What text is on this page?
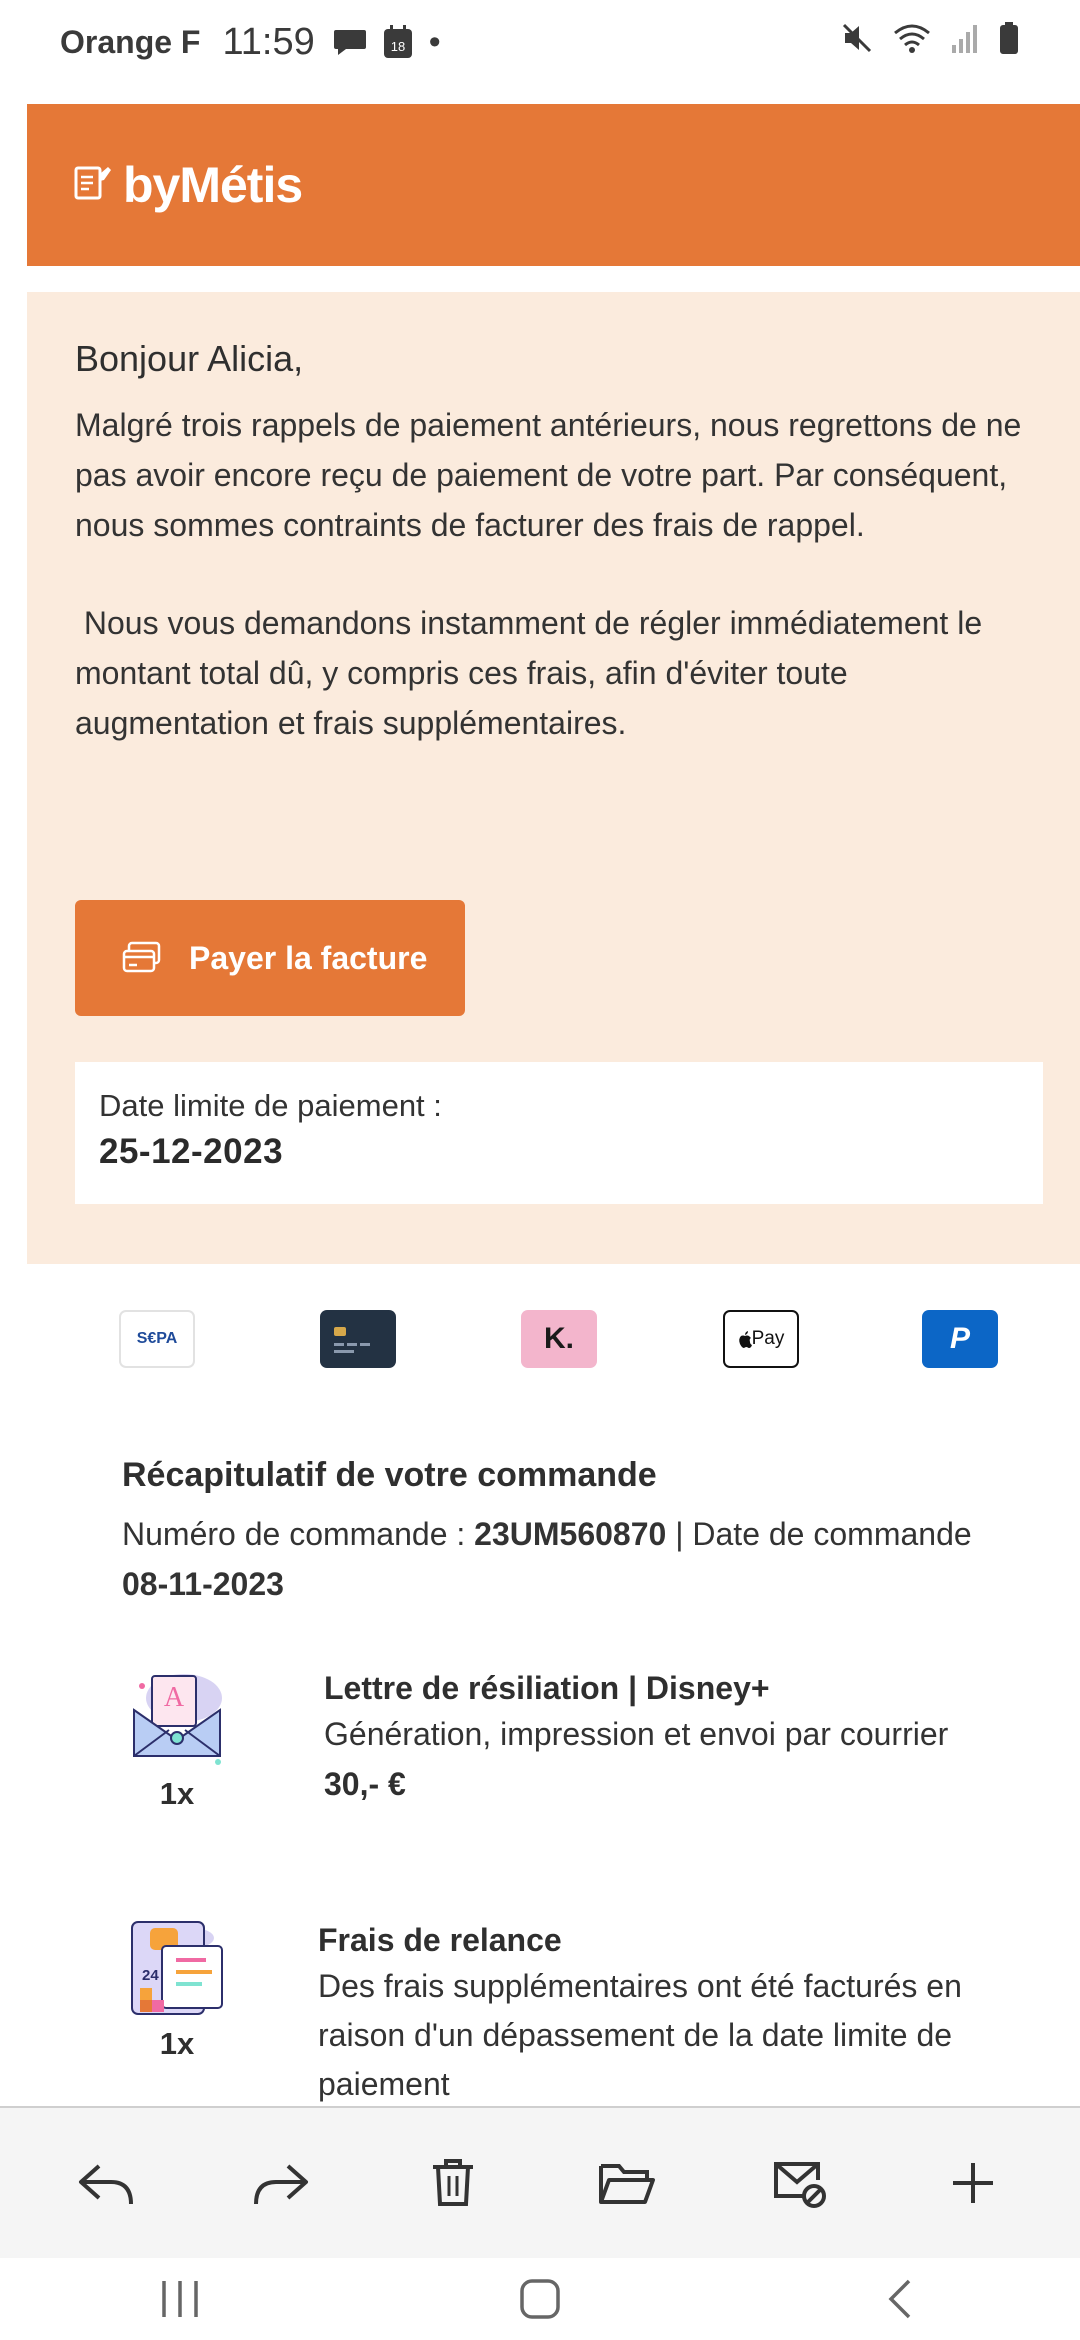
Orange F 11:59	18 •
byMétis
Bonjour Alicia,

Malgré trois rappels de paiement antérieurs, nous regrettons de ne pas avoir encore reçu de paiement de votre part. Par conséquent, nous sommes contraints de facturer des frais de rappel.

Nous vous demandons instamment de régler immédiatement le montant total dû, y compris ces frais, afin d'éviter toute augmentation et frais supplémentaires.

Payer la facture
Date limite de paiement :
25-12-2023
S€PA	K.	Pay	P
Récapitulatif de votre commande
Numéro de commande : 23UM560870 | Date de commande
08-11-2023
A
1x
Lettre de résiliation | Disney+
Génération, impression et envoi par courrier
30,- €
24
1x
Frais de relance
Des frais supplémentaires ont été facturés en raison d'un dépassement de la date limite de paiement
